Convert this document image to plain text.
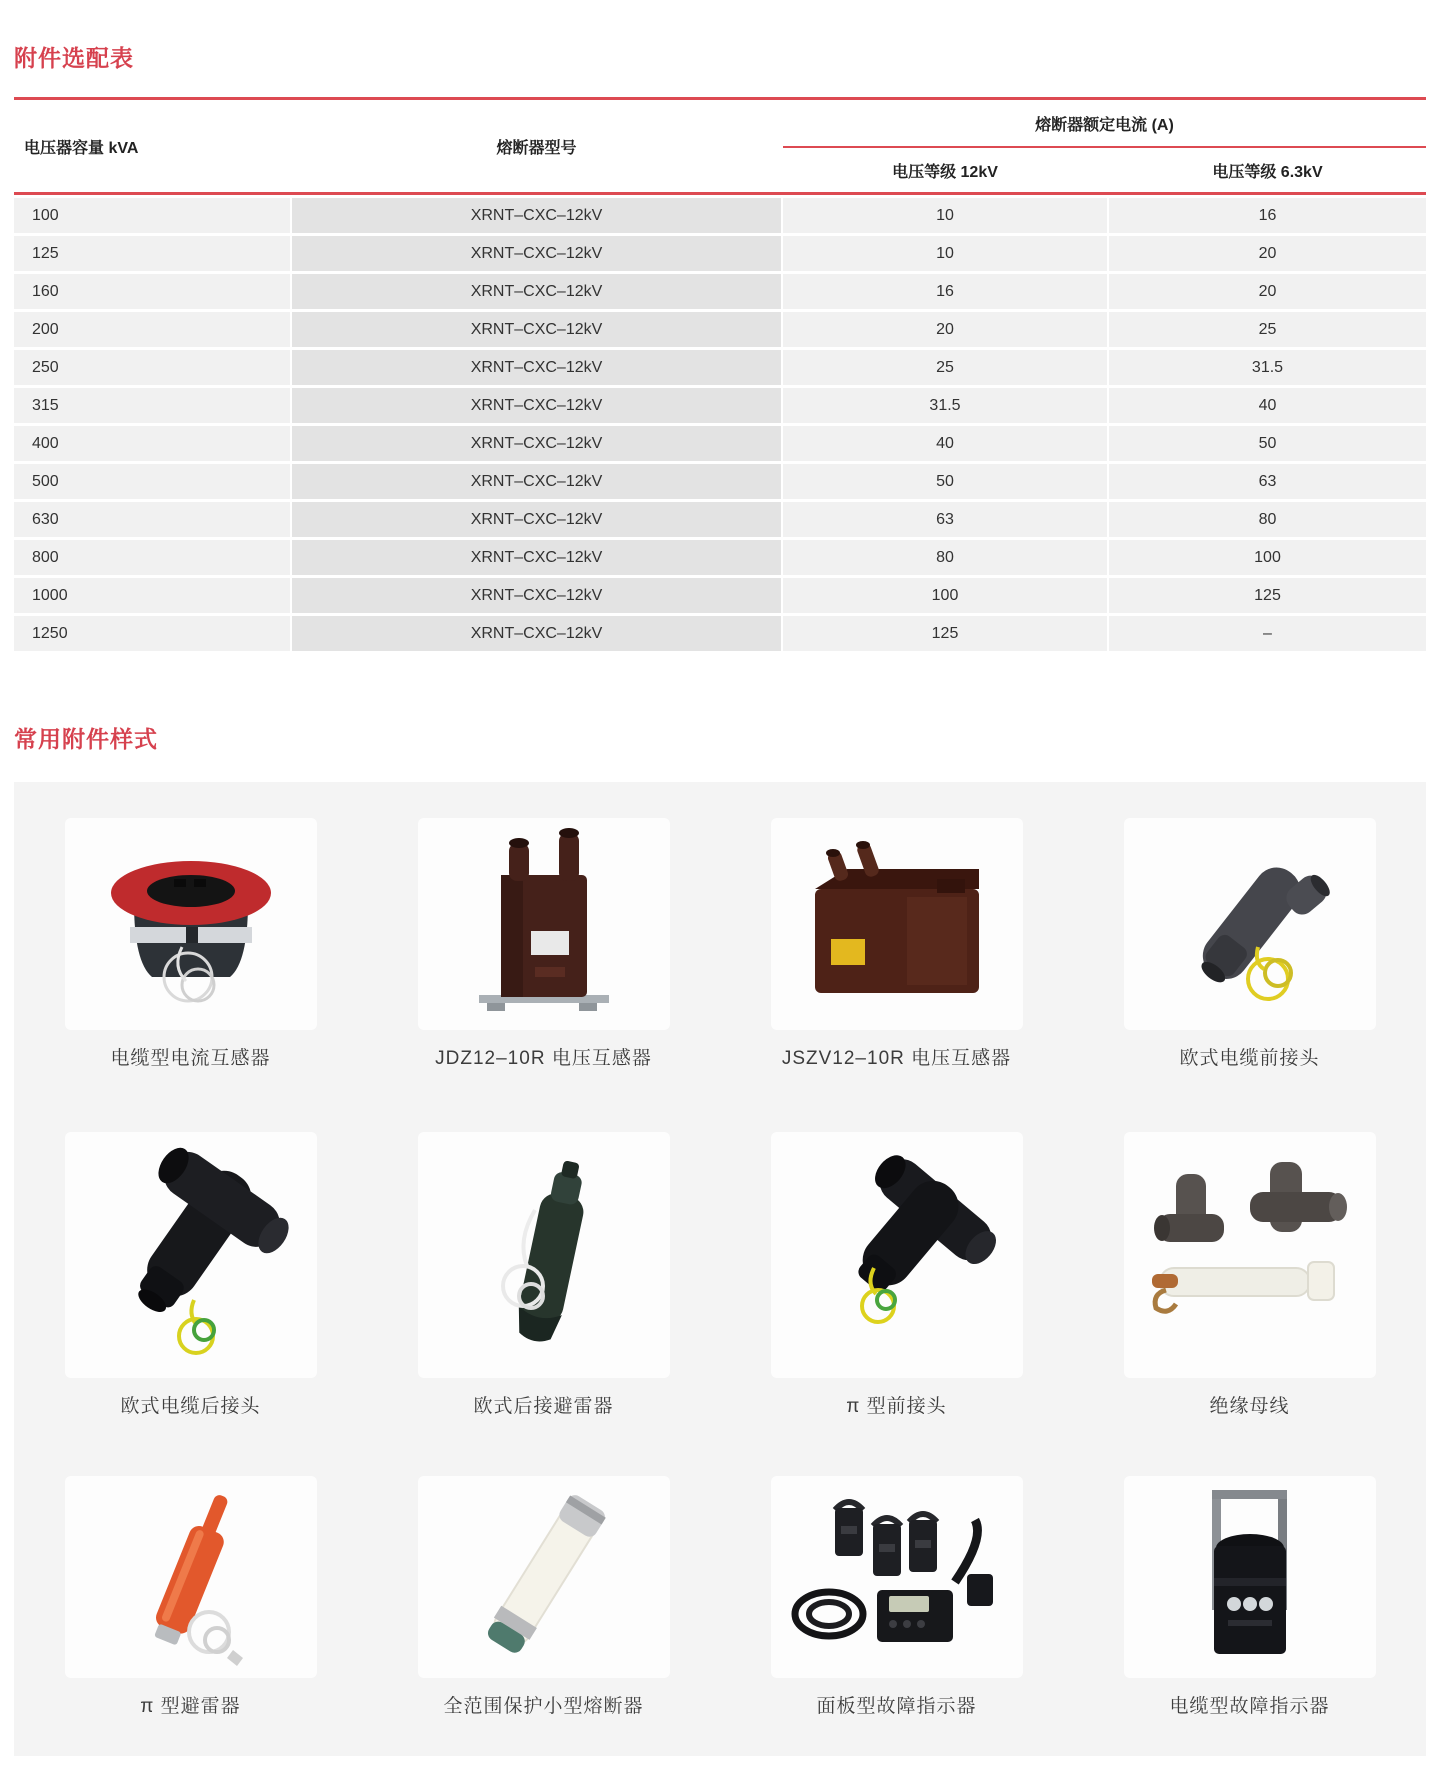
附件选配表
电压器容量 kVA	熔断器型号
熔断器额定电流 (A)
电压等级 12kV	电压等级 6.3kV
100	XRNT–CXC–12kV	10	16
125	XRNT–CXC–12kV	10	20
160	XRNT–CXC–12kV	16	20
200	XRNT–CXC–12kV	20	25
250	XRNT–CXC–12kV	25	31.5
315	XRNT–CXC–12kV	31.5	40
400	XRNT–CXC–12kV	40	50
500	XRNT–CXC–12kV	50	63
630	XRNT–CXC–12kV	63	80
800	XRNT–CXC–12kV	80	100
1000	XRNT–CXC–12kV	100	125
1250	XRNT–CXC–12kV	125	–
常用附件样式
电缆型电流互感器	JDZ12–10R 电压互感器	JSZV12–10R 电压互感器	欧式电缆前接头
欧式电缆后接头	欧式后接避雷器	π 型前接头	绝缘母线
π 型避雷器	全范围保护小型熔断器	面板型故障指示器	电缆型故障指示器
